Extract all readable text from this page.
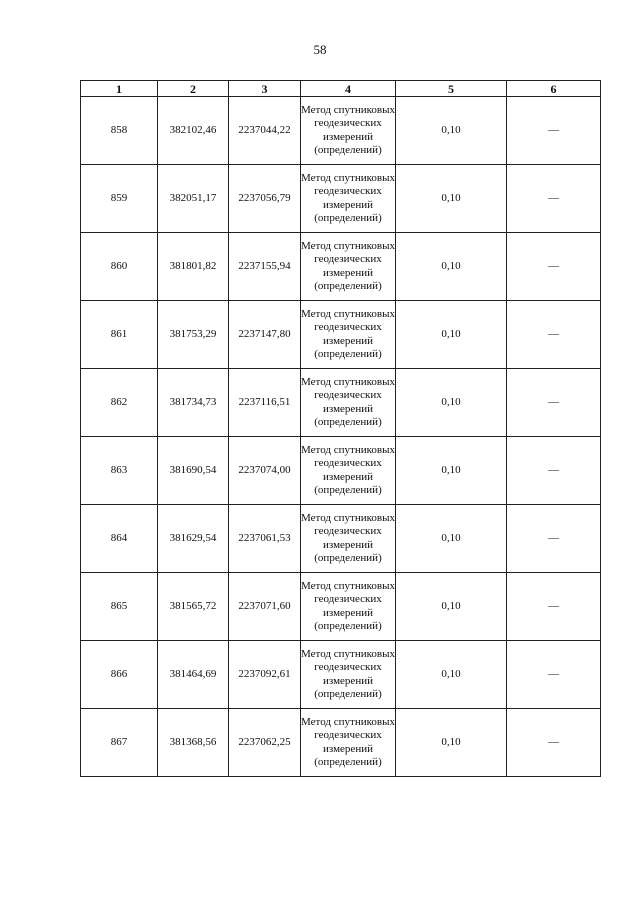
58
1	2	3	4	5	6
858	382102,46	2237044,22	Метод спутниковых геодезических измерений (определений)	0,10	—
859	382051,17	2237056,79	Метод спутниковых геодезических измерений (определений)	0,10	—
860	381801,82	2237155,94	Метод спутниковых геодезических измерений (определений)	0,10	—
861	381753,29	2237147,80	Метод спутниковых геодезических измерений (определений)	0,10	—
862	381734,73	2237116,51	Метод спутниковых геодезических измерений (определений)	0,10	—
863	381690,54	2237074,00	Метод спутниковых геодезических измерений (определений)	0,10	—
864	381629,54	2237061,53	Метод спутниковых геодезических измерений (определений)	0,10	—
865	381565,72	2237071,60	Метод спутниковых геодезических измерений (определений)	0,10	—
866	381464,69	2237092,61	Метод спутниковых геодезических измерений (определений)	0,10	—
867	381368,56	2237062,25	Метод спутниковых геодезических измерений (определений)	0,10	—
